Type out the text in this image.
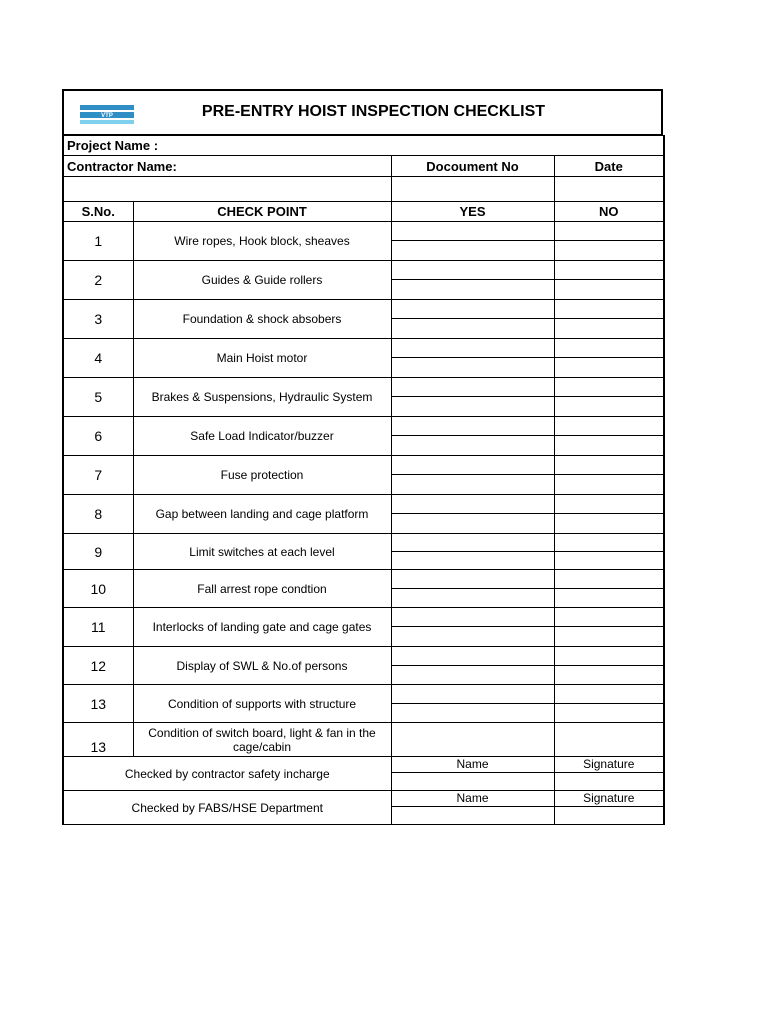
VTP	PRE-ENTRY HOIST INSPECTION CHECKLIST
Project Name :			
Contractor Name:		Docoument No	Date

S.No.	CHECK POINT	YES	NO
1	Wire ropes, Hook block, sheaves		

2	Guides & Guide rollers		

3	Foundation & shock absobers		

4	Main Hoist motor		

5	Brakes & Suspensions, Hydraulic System		

6	Safe Load Indicator/buzzer		

7	Fuse protection		

8	Gap between landing and cage platform		

9	Limit switches at each level		

10	Fall arrest rope condtion		

11	Interlocks of landing gate and cage gates		

12	Display of SWL & No.of persons		

13	Condition of supports with structure		

13	Condition of switch board, light & fan in the cage/cabin		
Checked by contractor safety incharge		Name	Signature

Checked by FABS/HSE Department		Name	Signature
